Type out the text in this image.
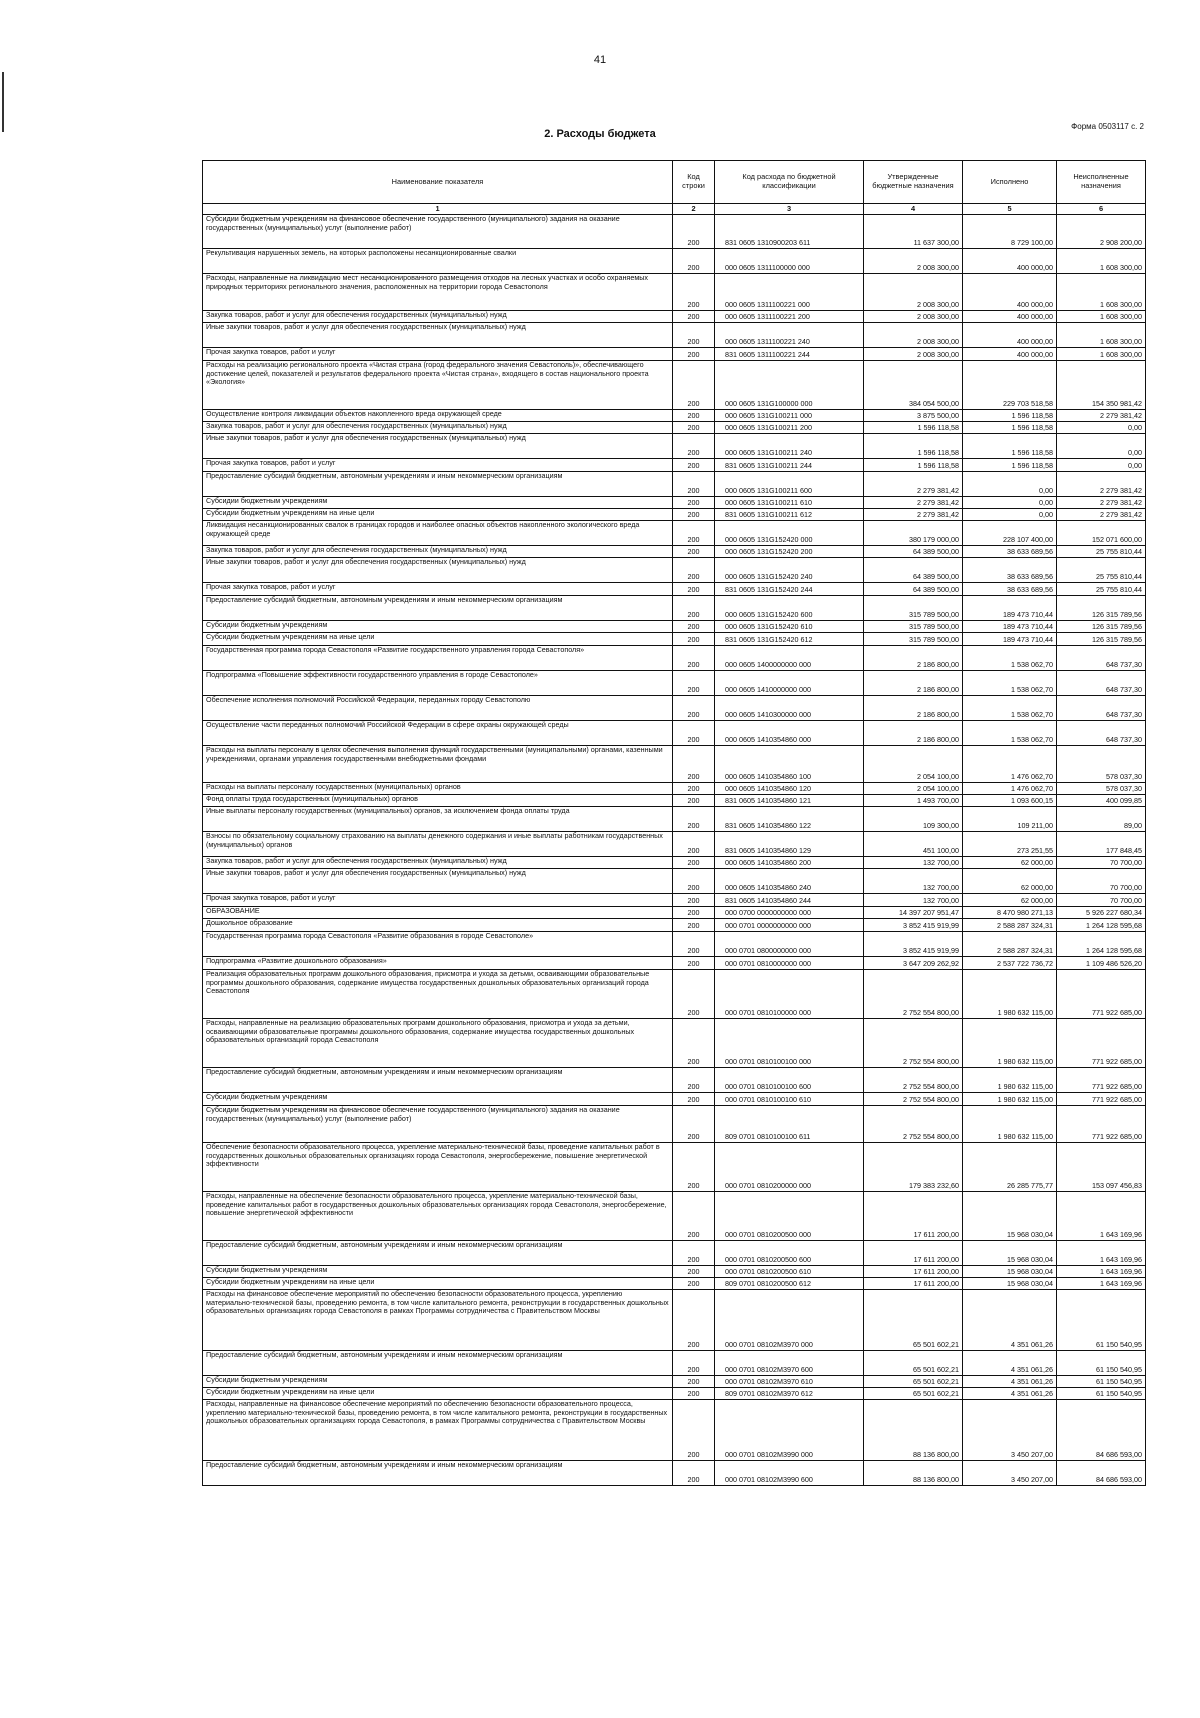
41
Форма 0503117 с. 2
2. Расходы бюджета
Наименование показателя	Код строки	Код расхода по бюджетной классификации	Утвержденные бюджетные назначения	Исполнено	Неисполненные назначения
1	2	3	4	5	6
Субсидии бюджетным учреждениям на финансовое обеспечение государственного (муниципального) задания на оказание государственных (муниципальных) услуг (выполнение работ)	200	831 0605 1310900203 611	11 637 300,00	8 729 100,00	2 908 200,00
Рекультивация нарушенных земель, на которых расположены несанкционированные свалки	200	000 0605 1311100000 000	2 008 300,00	400 000,00	1 608 300,00
Расходы, направленные на ликвидацию мест несанкционированного размещения отходов на лесных участках и особо охраняемых природных территориях регионального значения, расположенных на территории города Севастополя	200	000 0605 1311100221 000	2 008 300,00	400 000,00	1 608 300,00
Закупка товаров, работ и услуг для обеспечения государственных (муниципальных) нужд	200	000 0605 1311100221 200	2 008 300,00	400 000,00	1 608 300,00
Иные закупки товаров, работ и услуг для обеспечения государственных (муниципальных) нужд	200	000 0605 1311100221 240	2 008 300,00	400 000,00	1 608 300,00
Прочая закупка товаров, работ и услуг	200	831 0605 1311100221 244	2 008 300,00	400 000,00	1 608 300,00
Расходы на реализацию регионального проекта «Чистая страна (город федерального значения Севастополь)», обеспечивающего достижение целей, показателей и результатов федерального проекта «Чистая страна», входящего в состав национального проекта «Экология»	200	000 0605 131G100000 000	384 054 500,00	229 703 518,58	154 350 981,42
Осуществление контроля ликвидации объектов накопленного вреда окружающей среде	200	000 0605 131G100211 000	3 875 500,00	1 596 118,58	2 279 381,42
Закупка товаров, работ и услуг для обеспечения государственных (муниципальных) нужд	200	000 0605 131G100211 200	1 596 118,58	1 596 118,58	0,00
Иные закупки товаров, работ и услуг для обеспечения государственных (муниципальных) нужд	200	000 0605 131G100211 240	1 596 118,58	1 596 118,58	0,00
Прочая закупка товаров, работ и услуг	200	831 0605 131G100211 244	1 596 118,58	1 596 118,58	0,00
Предоставление субсидий бюджетным, автономным учреждениям и иным некоммерческим организациям	200	000 0605 131G100211 600	2 279 381,42	0,00	2 279 381,42
Субсидии бюджетным учреждениям	200	000 0605 131G100211 610	2 279 381,42	0,00	2 279 381,42
Субсидии бюджетным учреждениям на иные цели	200	831 0605 131G100211 612	2 279 381,42	0,00	2 279 381,42
Ликвидация несанкционированных свалок в границах городов и наиболее опасных объектов накопленного экологического вреда окружающей среде	200	000 0605 131G152420 000	380 179 000,00	228 107 400,00	152 071 600,00
Закупка товаров, работ и услуг для обеспечения государственных (муниципальных) нужд	200	000 0605 131G152420 200	64 389 500,00	38 633 689,56	25 755 810,44
Иные закупки товаров, работ и услуг для обеспечения государственных (муниципальных) нужд	200	000 0605 131G152420 240	64 389 500,00	38 633 689,56	25 755 810,44
Прочая закупка товаров, работ и услуг	200	831 0605 131G152420 244	64 389 500,00	38 633 689,56	25 755 810,44
Предоставление субсидий бюджетным, автономным учреждениям и иным некоммерческим организациям	200	000 0605 131G152420 600	315 789 500,00	189 473 710,44	126 315 789,56
Субсидии бюджетным учреждениям	200	000 0605 131G152420 610	315 789 500,00	189 473 710,44	126 315 789,56
Субсидии бюджетным учреждениям на иные цели	200	831 0605 131G152420 612	315 789 500,00	189 473 710,44	126 315 789,56
Государственная программа города Севастополя «Развитие государственного управления города Севастополя»	200	000 0605 1400000000 000	2 186 800,00	1 538 062,70	648 737,30
Подпрограмма «Повышение эффективности государственного управления в городе Севастополе»	200	000 0605 1410000000 000	2 186 800,00	1 538 062,70	648 737,30
Обеспечение исполнения полномочий Российской Федерации, переданных городу Севастополю	200	000 0605 1410300000 000	2 186 800,00	1 538 062,70	648 737,30
Осуществление части переданных полномочий Российской Федерации в сфере охраны окружающей среды	200	000 0605 1410354860 000	2 186 800,00	1 538 062,70	648 737,30
Расходы на выплаты персоналу в целях обеспечения выполнения функций государственными (муниципальными) органами, казенными учреждениями, органами управления государственными внебюджетными фондами	200	000 0605 1410354860 100	2 054 100,00	1 476 062,70	578 037,30
Расходы на выплаты персоналу государственных (муниципальных) органов	200	000 0605 1410354860 120	2 054 100,00	1 476 062,70	578 037,30
Фонд оплаты труда государственных (муниципальных) органов	200	831 0605 1410354860 121	1 493 700,00	1 093 600,15	400 099,85
Иные выплаты персоналу государственных (муниципальных) органов, за исключением фонда оплаты труда	200	831 0605 1410354860 122	109 300,00	109 211,00	89,00
Взносы по обязательному социальному страхованию на выплаты денежного содержания и иные выплаты работникам государственных (муниципальных) органов	200	831 0605 1410354860 129	451 100,00	273 251,55	177 848,45
Закупка товаров, работ и услуг для обеспечения государственных (муниципальных) нужд	200	000 0605 1410354860 200	132 700,00	62 000,00	70 700,00
Иные закупки товаров, работ и услуг для обеспечения государственных (муниципальных) нужд	200	000 0605 1410354860 240	132 700,00	62 000,00	70 700,00
Прочая закупка товаров, работ и услуг	200	831 0605 1410354860 244	132 700,00	62 000,00	70 700,00
ОБРАЗОВАНИЕ	200	000 0700 0000000000 000	14 397 207 951,47	8 470 980 271,13	5 926 227 680,34
Дошкольное образование	200	000 0701 0000000000 000	3 852 415 919,99	2 588 287 324,31	1 264 128 595,68
Государственная программа города Севастополя «Развитие образования в городе Севастополе»	200	000 0701 0800000000 000	3 852 415 919,99	2 588 287 324,31	1 264 128 595,68
Подпрограмма «Развитие дошкольного образования»	200	000 0701 0810000000 000	3 647 209 262,92	2 537 722 736,72	1 109 486 526,20
Реализация образовательных программ дошкольного образования, присмотра и ухода за детьми, осваивающими образовательные программы дошкольного образования, содержание имущества государственных дошкольных образовательных организаций города Севастополя	200	000 0701 0810100000 000	2 752 554 800,00	1 980 632 115,00	771 922 685,00
Расходы, направленные на реализацию образовательных программ дошкольного образования, присмотра и ухода за детьми, осваивающими образовательные программы дошкольного образования, содержание имущества государственных дошкольных образовательных организаций города Севастополя	200	000 0701 0810100100 000	2 752 554 800,00	1 980 632 115,00	771 922 685,00
Предоставление субсидий бюджетным, автономным учреждениям и иным некоммерческим организациям	200	000 0701 0810100100 600	2 752 554 800,00	1 980 632 115,00	771 922 685,00
Субсидии бюджетным учреждениям	200	000 0701 0810100100 610	2 752 554 800,00	1 980 632 115,00	771 922 685,00
Субсидии бюджетным учреждениям на финансовое обеспечение государственного (муниципального) задания на оказание государственных (муниципальных) услуг (выполнение работ)	200	809 0701 0810100100 611	2 752 554 800,00	1 980 632 115,00	771 922 685,00
Обеспечение безопасности образовательного процесса, укрепление материально-технической базы, проведение капитальных работ в государственных дошкольных образовательных организациях города Севастополя, энергосбережение, повышение энергетической эффективности	200	000 0701 0810200000 000	179 383 232,60	26 285 775,77	153 097 456,83
Расходы, направленные на обеспечение безопасности образовательного процесса, укрепление материально-технической базы, проведение капитальных работ в государственных дошкольных образовательных организациях города Севастополя, энергосбережение, повышение энергетической эффективности	200	000 0701 0810200500 000	17 611 200,00	15 968 030,04	1 643 169,96
Предоставление субсидий бюджетным, автономным учреждениям и иным некоммерческим организациям	200	000 0701 0810200500 600	17 611 200,00	15 968 030,04	1 643 169,96
Субсидии бюджетным учреждениям	200	000 0701 0810200500 610	17 611 200,00	15 968 030,04	1 643 169,96
Субсидии бюджетным учреждениям на иные цели	200	809 0701 0810200500 612	17 611 200,00	15 968 030,04	1 643 169,96
Расходы на финансовое обеспечение мероприятий по обеспечению безопасности образовательного процесса, укреплению материально-технической базы, проведению ремонта, в том числе капитального ремонта, реконструкции в государственных дошкольных образовательных организациях города Севастополя в рамках Программы сотрудничества с Правительством Москвы	200	000 0701 08102М3970 000	65 501 602,21	4 351 061,26	61 150 540,95
Предоставление субсидий бюджетным, автономным учреждениям и иным некоммерческим организациям	200	000 0701 08102М3970 600	65 501 602,21	4 351 061,26	61 150 540,95
Субсидии бюджетным учреждениям	200	000 0701 08102М3970 610	65 501 602,21	4 351 061,26	61 150 540,95
Субсидии бюджетным учреждениям на иные цели	200	809 0701 08102М3970 612	65 501 602,21	4 351 061,26	61 150 540,95
Расходы, направленные на финансовое обеспечение мероприятий по обеспечению безопасности образовательного процесса, укреплению материально-технической базы, проведению ремонта, в том числе капитального ремонта, реконструкции в государственных дошкольных образовательных организациях города Севастополя, в рамках Программы сотрудничества с Правительством Москвы	200	000 0701 08102М3990 000	88 136 800,00	3 450 207,00	84 686 593,00
Предоставление субсидий бюджетным, автономным учреждениям и иным некоммерческим организациям	200	000 0701 08102М3990 600	88 136 800,00	3 450 207,00	84 686 593,00
